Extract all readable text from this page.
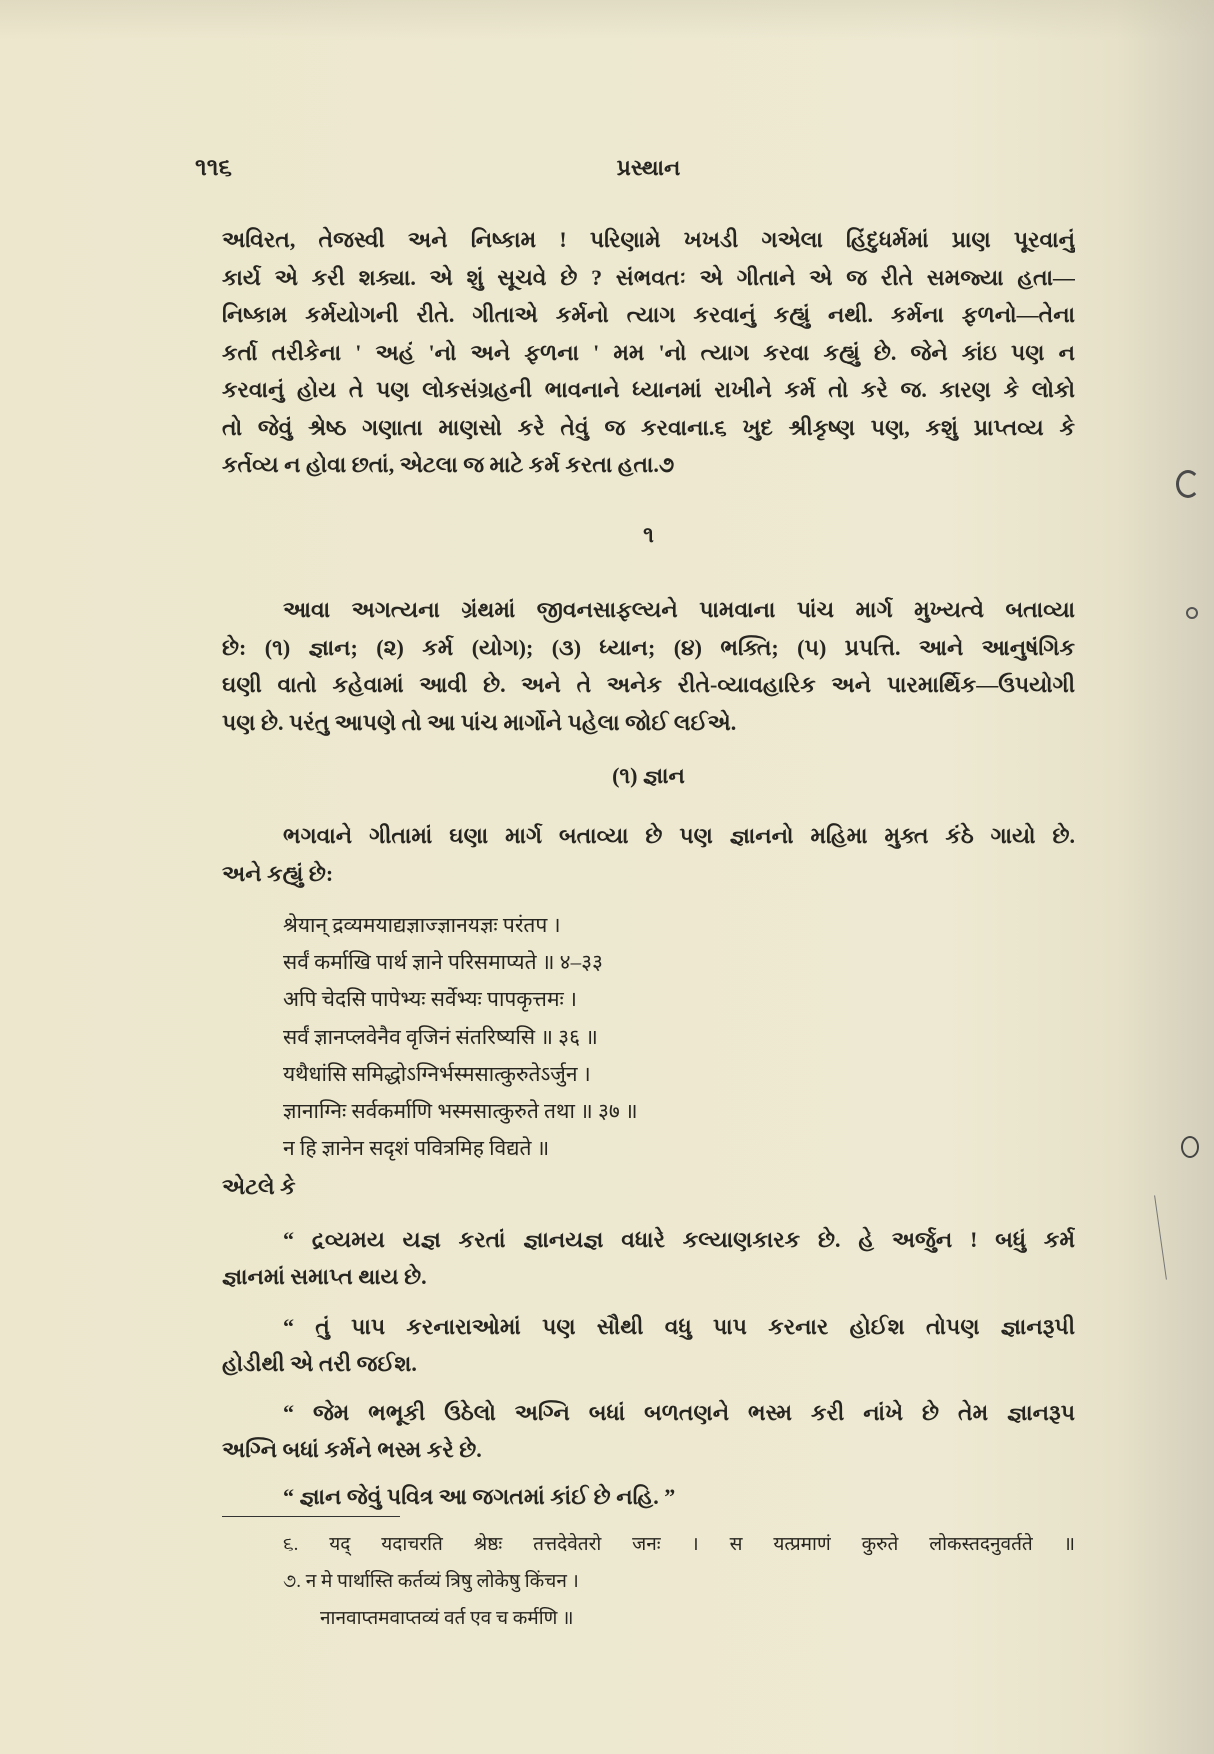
૧૧૬	પ્રસ્થાન
અવિરત, તેજસ્વી અને નિષ્કામ ! પરિણામે ખખડી ગએલા હિંદુધર્મમાં પ્રાણ પૂરવાનું
કાર્ય એ કરી શક્યા. એ શું સૂચવે છે ? સંભવતઃ એ ગીતાને એ જ રીતે સમજ્યા હતા—
નિષ્કામ કર્મયોગની રીતે. ગીતાએ કર્મનો ત્યાગ કરવાનું કહ્યું નથી. કર્મના ફળનો—તેના
કર્તા તરીકેના ' અહં 'નો અને ફળના ' મમ 'નો ત્યાગ કરવા કહ્યું છે. જેને કાંઇ પણ ન
કરવાનું હોય તે પણ લોકસંગ્રહની ભાવનાને ધ્યાનમાં રાખીને કર્મ તો કરે જ. કારણ કે લોકો
તો જેવું શ્રેષ્ઠ ગણાતા માણસો કરે તેવું જ કરવાના.૬ ખુદ શ્રીકૃષ્ણ પણ, કશું પ્રાપ્તવ્ય કે
કર્તવ્ય ન હોવા છતાં, એટલા જ માટે કર્મ કરતા હતા.૭
૧
આવા અગત્યના ગ્રંથમાં જીવનસાફલ્યને પામવાના પાંચ માર્ગ મુખ્યત્વે બતાવ્યા
છે: (૧) જ્ઞાન; (૨) કર્મ (યોગ); (૩) ધ્યાન; (૪) ભક્તિ; (૫) પ્રપત્તિ. આને આનુષંગિક
ઘણી વાતો કહેવામાં આવી છે. અને તે અનેક રીતે-વ્યાવહારિક અને પારમાર્થિક—ઉપયોગી
પણ છે. પરંતુ આપણે તો આ પાંચ માર્ગોને પહેલા જોઈ લઈએ.
(૧) જ્ઞાન
ભગવાને ગીતામાં ઘણા માર્ગ બતાવ્યા છે પણ જ્ઞાનનો મહિમા મુક્ત કંઠે ગાયો છે.
અને કહ્યું છે:
श्रेयान् द्रव्यमयाद्यज्ञाज्ज्ञानयज्ञः परंतप ।
सर्वं कर्माखि पार्थ ज्ञाने परिसमाप्यते ॥ ४–३३
अपि चेदसि पापेभ्यः सर्वेभ्यः पापकृत्तमः ।
सर्वं ज्ञानप्लवेनैव वृजिनं संतरिष्यसि ॥ ३६ ॥
यथैधांसि समिद्धोऽग्निर्भस्मसात्कुरुतेऽर्जुन ।
ज्ञानाग्निः सर्वकर्माणि भस्मसात्कुरुते तथा ॥ ३७ ॥
न हि ज्ञानेन सदृशं पवित्रमिह विद्यते ॥
એટલે કે
“ દ્રવ્યમય યજ્ઞ કરતાં જ્ઞાનયજ્ઞ વધારે કલ્યાણકારક છે. હે અર્જુન ! બધું કર્મ
જ્ઞાનમાં સમાપ્ત થાય છે.
“ તું પાપ કરનારાઓમાં પણ સૌથી વધુ પાપ કરનાર હોઈશ તોપણ જ્ઞાનરૂપી
હોડીથી એ તરી જઈશ.
“ જેમ ભભૂકી ઉઠેલો અગ્નિ બધાં બળતણને ભસ્મ કરી નાંખે છે તેમ જ્ઞાનરૂપ
અગ્નિ બધાં કર્મને ભસ્મ કરે છે.
“ જ્ઞાન જેવું પવિત્ર આ જગતમાં કાંઈ છે નહિ. ”
૬. यद् यदाचरति श्रेष्ठः तत्तदेवेतरो जनः । स यत्प्रमाणं कुरुते लोकस्तदनुवर्तते ॥
૭. न मे पार्थास्ति कर्तव्यं त्रिषु लोकेषु किंचन ।
नानवाप्तमवाप्तव्यं वर्त एव च कर्मणि ॥
